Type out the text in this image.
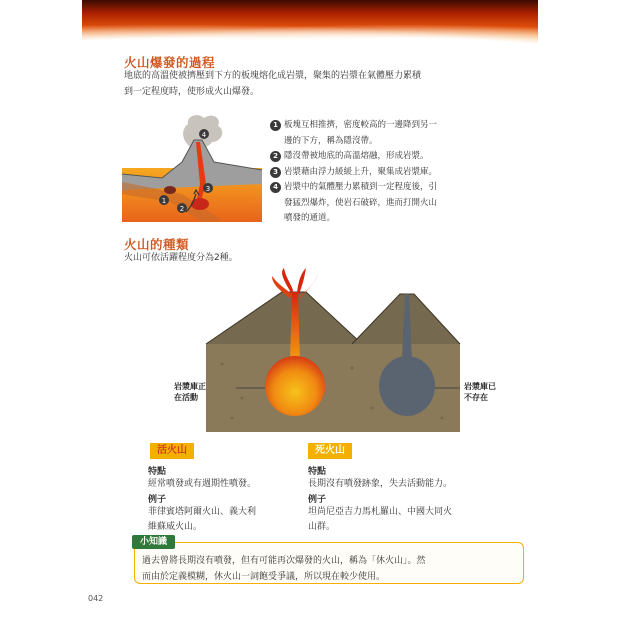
火山爆發的過程
地底的高溫使被擠壓到下方的板塊熔化成岩漿，聚集的岩漿在氣體壓力累積
到一定程度時，使形成火山爆發。
4
3
1
2
1 板塊互相推擠，密度較高的一邊降到另一
邊的下方，稱為隱沒帶。
2 隱沒帶被地底的高溫熔融，形成岩漿。
3 岩漿藉由浮力緩緩上升，聚集成岩漿庫。
4 岩漿中的氣體壓力累積到一定程度後，引
發猛烈爆炸，使岩石破碎，進而打開火山
噴發的通道。
火山的種類
火山可依活躍程度分為2種。
岩漿庫正
在活動
岩漿庫已
不存在
活火山
特點
經常噴發或有週期性噴發。
例子
菲律賓塔阿爾火山、義大利
維蘇威火山。
死火山
特點
長期沒有噴發跡象，失去活動能力。
例子
坦尚尼亞吉力馬札羅山、中國大同火
山群。
小知識
過去曾將長期沒有噴發，但有可能再次爆發的火山，稱為「休火山」。然
而由於定義模糊，休火山一詞飽受爭議，所以現在較少使用。
042
